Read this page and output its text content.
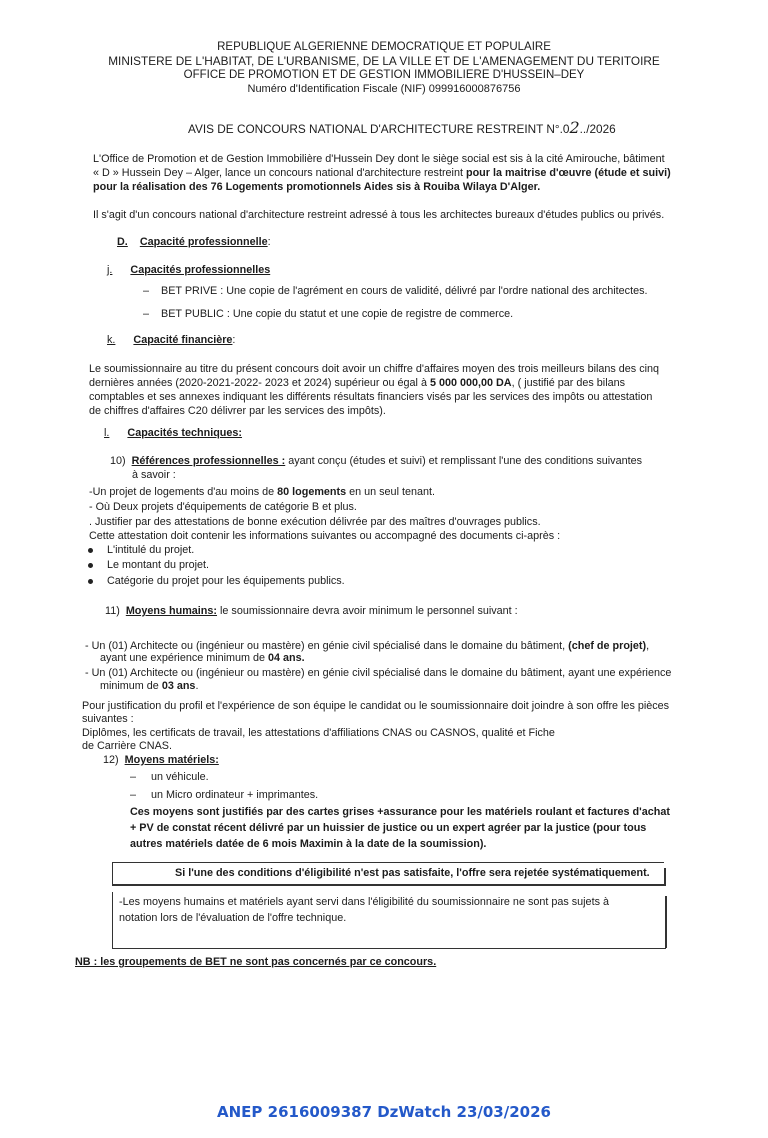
REPUBLIQUE ALGERIENNE DEMOCRATIQUE ET POPULAIRE
MINISTERE DE L'HABITAT, DE L'URBANISME, DE LA VILLE ET DE L'AMENAGEMENT DU TERITOIRE
OFFICE DE PROMOTION ET DE GESTION IMMOBILIERE D'HUSSEIN–DEY
Numéro d'Identification Fiscale (NIF) 099916000876756
AVIS DE CONCOURS NATIONAL D'ARCHITECTURE RESTREINT N°.02../2026
L'Office de Promotion et de Gestion Immobilière d'Hussein Dey dont le siège social est sis à la cité Amirouche, bâtiment
« D » Hussein Dey – Alger, lance un concours national d'architecture restreint pour la maitrise d'œuvre (étude et suivi)
pour la réalisation des 76 Logements promotionnels Aides sis à Rouiba Wilaya D'Alger.
Il s'agit d'un concours national d'architecture restreint adressé à tous les architectes bureaux d'études publics ou privés.
D. Capacité professionnelle:
j. Capacités professionnelles
– BET PRIVE : Une copie de l'agrément en cours de validité, délivré par l'ordre national des architectes.
– BET PUBLIC : Une copie du statut et une copie de registre de commerce.
k. Capacité financière:
Le soumissionnaire au titre du présent concours doit avoir un chiffre d'affaires moyen des trois meilleurs bilans des cinq
dernières années (2020-2021-2022- 2023 et 2024) supérieur ou égal à 5 000 000,00 DA, ( justifié par des bilans
comptables et ses annexes indiquant les différents résultats financiers visés par les services des impôts ou attestation
de chiffres d'affaires C20 délivrer par les services des impôts).
l. Capacités techniques:
10) Références professionnelles : ayant conçu (études et suivi) et remplissant l'une des conditions suivantes
à savoir :
-Un projet de logements d'au moins de 80 logements en un seul tenant.
- Où Deux projets d'équipements de catégorie B et plus.
. Justifier par des attestations de bonne exécution délivrée par des maîtres d'ouvrages publics.
Cette attestation doit contenir les informations suivantes ou accompagné des documents ci-après :
L'intitulé du projet.
Le montant du projet.
Catégorie du projet pour les équipements publics.
11) Moyens humains: le soumissionnaire devra avoir minimum le personnel suivant :
- Un (01) Architecte ou (ingénieur ou mastère) en génie civil spécialisé dans le domaine du bâtiment, (chef de projet),
ayant une expérience minimum de 04 ans.
- Un (01) Architecte ou (ingénieur ou mastère) en génie civil spécialisé dans le domaine du bâtiment, ayant une expérience
minimum de 03 ans.
Pour justification du profil et l'expérience de son équipe le candidat ou le soumissionnaire doit joindre à son offre les pièces
suivantes :
Diplômes, les certificats de travail, les attestations d'affiliations CNAS ou CASNOS, qualité et Fiche
de Carrière CNAS.
12) Moyens matériels:
– un véhicule.
– un Micro ordinateur + imprimantes.
Ces moyens sont justifiés par des cartes grises +assurance pour les matériels roulant et factures d'achat
+ PV de constat récent délivré par un huissier de justice ou un expert agréer par la justice (pour tous
autres matériels datée de 6 mois Maximin à la date de la soumission).
Si l'une des conditions d'éligibilité n'est pas satisfaite, l'offre sera rejetée systématiquement.
-Les moyens humains et matériels ayant servi dans l'éligibilité du soumissionnaire ne sont pas sujets à
notation lors de l'évaluation de l'offre technique.
NB : les groupements de BET ne sont pas concernés par ce concours.
ANEP 2616009387 DzWatch 23/03/2026
